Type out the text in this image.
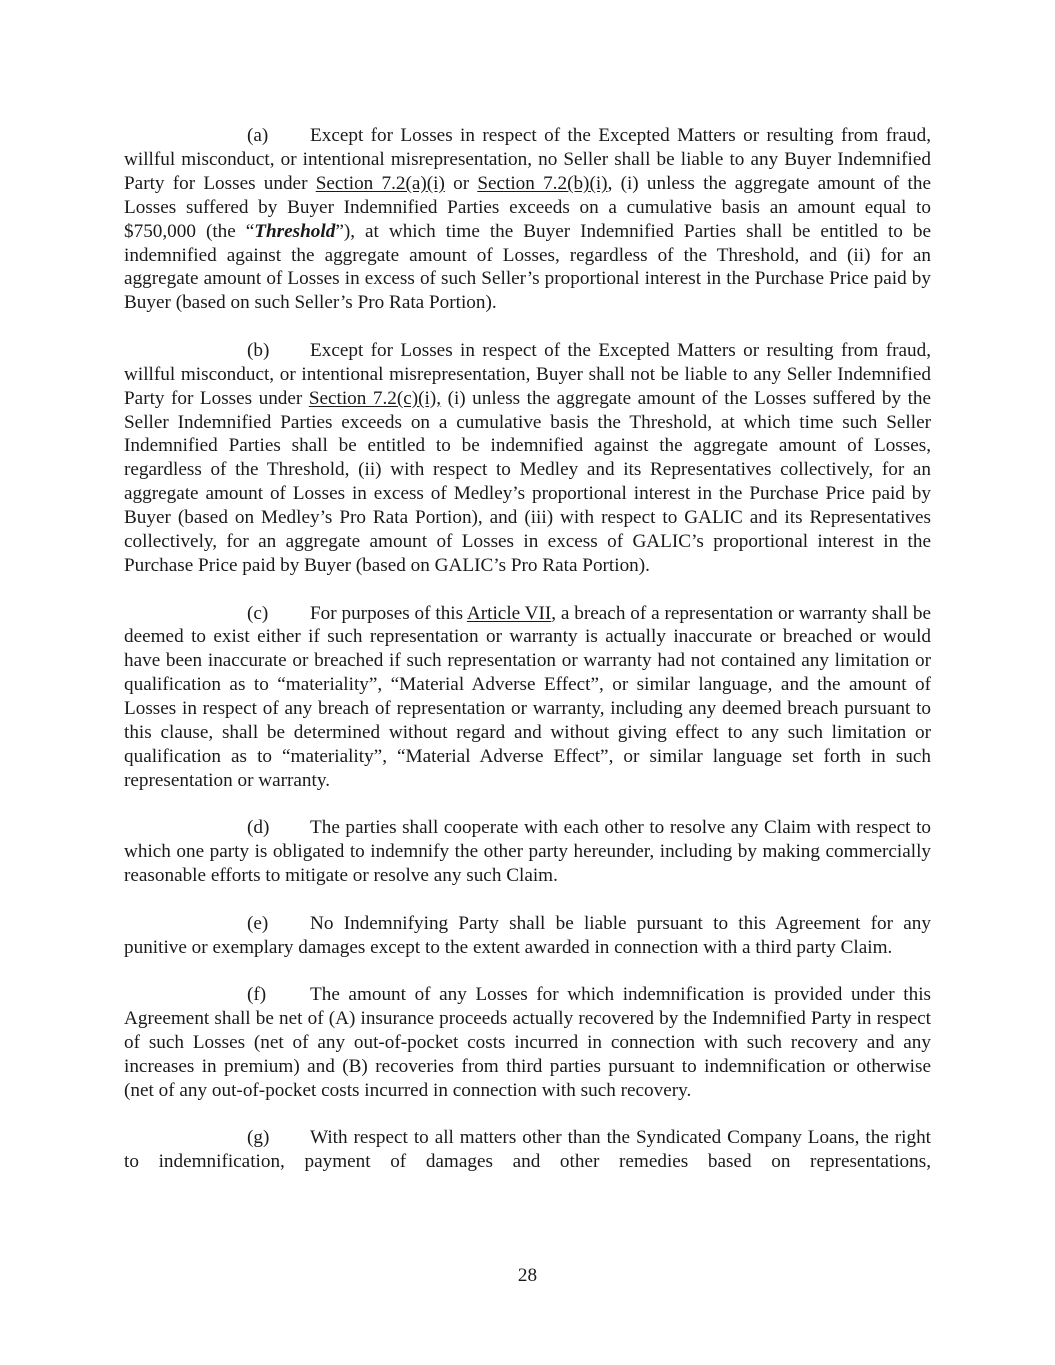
(a) Except for Losses in respect of the Excepted Matters or resulting from fraud, willful misconduct, or intentional misrepresentation, no Seller shall be liable to any Buyer Indemnified Party for Losses under Section 7.2(a)(i) or Section 7.2(b)(i), (i) unless the aggregate amount of the Losses suffered by Buyer Indemnified Parties exceeds on a cumulative basis an amount equal to $750,000 (the “Threshold”), at which time the Buyer Indemnified Parties shall be entitled to be indemnified against the aggregate amount of Losses, regardless of the Threshold, and (ii) for an aggregate amount of Losses in excess of such Seller’s proportional interest in the Purchase Price paid by Buyer (based on such Seller’s Pro Rata Portion).

(b) Except for Losses in respect of the Excepted Matters or resulting from fraud, willful misconduct, or intentional misrepresentation, Buyer shall not be liable to any Seller Indemnified Party for Losses under Section 7.2(c)(i), (i) unless the aggregate amount of the Losses suffered by the Seller Indemnified Parties exceeds on a cumulative basis the Threshold, at which time such Seller Indemnified Parties shall be entitled to be indemnified against the aggregate amount of Losses, regardless of the Threshold, (ii) with respect to Medley and its Representatives collectively, for an aggregate amount of Losses in excess of Medley’s proportional interest in the Purchase Price paid by Buyer (based on Medley’s Pro Rata Portion), and (iii) with respect to GALIC and its Representatives collectively, for an aggregate amount of Losses in excess of GALIC’s proportional interest in the Purchase Price paid by Buyer (based on GALIC’s Pro Rata Portion).

(c) For purposes of this Article VII, a breach of a representation or warranty shall be deemed to exist either if such representation or warranty is actually inaccurate or breached or would have been inaccurate or breached if such representation or warranty had not contained any limitation or qualification as to “materiality”, “Material Adverse Effect”, or similar language, and the amount of Losses in respect of any breach of representation or warranty, including any deemed breach pursuant to this clause, shall be determined without regard and without giving effect to any such limitation or qualification as to “materiality”, “Material Adverse Effect”, or similar language set forth in such representation or warranty.

(d) The parties shall cooperate with each other to resolve any Claim with respect to which one party is obligated to indemnify the other party hereunder, including by making commercially reasonable efforts to mitigate or resolve any such Claim.

(e) No Indemnifying Party shall be liable pursuant to this Agreement for any punitive or exemplary damages except to the extent awarded in connection with a third party Claim.

(f) The amount of any Losses for which indemnification is provided under this Agreement shall be net of (A) insurance proceeds actually recovered by the Indemnified Party in respect of such Losses (net of any out-of-pocket costs incurred in connection with such recovery and any increases in premium) and (B) recoveries from third parties pursuant to indemnification or otherwise (net of any out-of-pocket costs incurred in connection with such recovery.

(g) With respect to all matters other than the Syndicated Company Loans, the right to indemnification, payment of damages and other remedies based on representations,

28
